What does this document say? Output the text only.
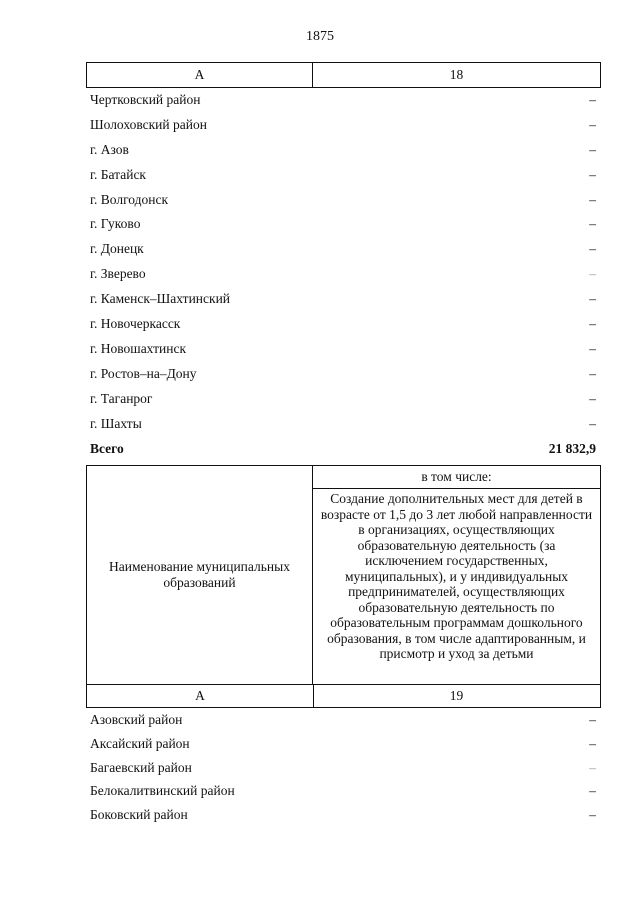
1875
А	18
Чертковский район	–
Шолоховский район	–
г. Азов	–
г. Батайск	–
г. Волгодонск	–
г. Гуково	–
г. Донецк	–
г. Зверево	–
г. Каменск–Шахтинский	–
г. Новочеркасск	–
г. Новошахтинск	–
г. Ростов–на–Дону	–
г. Таганрог	–
г. Шахты	–
Всего	21 832,9
Наименование муниципальных образований
в том числе:
Создание дополнительных мест для детей в возрасте от 1,5 до 3 лет любой направленности в организациях, осуществляющих образовательную деятельность (за исключением государственных, муниципальных), и у индивидуальных предпринимателей, осуществляющих образовательную деятельность по образовательным программам дошкольного образования, в том числе адаптированным, и присмотр и уход за детьми
А	19
Азовский район	–
Аксайский район	–
Багаевский район	–
Белокалитвинский район	–
Боковский район	–
